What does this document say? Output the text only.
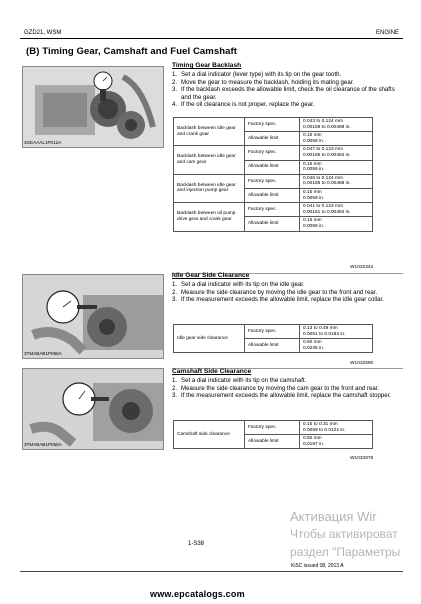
GZD21, WSM	ENGINE
(B) Timing Gear, Camshaft and Fuel Camshaft
3GEAAAL1P012A
Timing Gear Backlash
1. Set a dial indicator (lever type) with its tip on the gear tooth.
2. Move the gear to measure the backlash, holding its mating gear.
3. If the backlash exceeds the allowable limit, check the oil clearance of the shafts and the gear.
4. If the oil clearance is not proper, replace the gear.
Backlash between idle gear and crank gear	Factory spec.	0.043 to 0.124 mm
0.00169 to 0.00488 in.
	Allowable limit	0.15 mm
0.0059 in.
Backlash between idle gear and cam gear	Factory spec.	0.047 to 0.123 mm
0.00185 to 0.00484 in.
	Allowable limit	0.15 mm
0.0059 in.
Backlash between idle gear and injection pump gear	Factory spec.	0.046 to 0.124 mm
0.00185 to 0.00488 in.
	Allowable limit	0.15 mm
0.0059 in.
Backlash between oil pump drive gear and crank gear	Factory spec.	0.041 to 0.123 mm
0.00161 to 0.00484 in.
	Allowable limit	0.15 mm
0.0059 in.
W1032342
3TMABAB1P066A
Idle Gear Side Clearance
1. Set a dial indicator with its tip on the idle gear.
2. Measure the side clearance by moving the idle gear to the front and rear.
3. If the measurement exceeds the allowable limit, replace the idle gear collar.
Idle gear side clearance	Factory spec.	0.13 to 0.49 mm
0.0051 to 0.0193 in.
	Allowable limit	0.60 mm
0.0236 in.
W1032590
3TMABAB1P065A
Camshaft Side Clearance
1. Set a dial indicator with its tip on the camshaft.
2. Measure the side clearance by moving the cam gear to the front and rear.
3. If the measurement exceeds the allowable limit, replace the camshaft stopper.
Camshaft side clearance	Factory spec.	0.15 to 0.31 mm
0.0059 to 0.0122 in.
	Allowable limit	0.50 mm
0.0197 in.
W1032878
Активация Wir
Чтобы активироват
раздел "Параметры
1-S38
KiSC issued 08, 2013 A
www.epcatalogs.com
